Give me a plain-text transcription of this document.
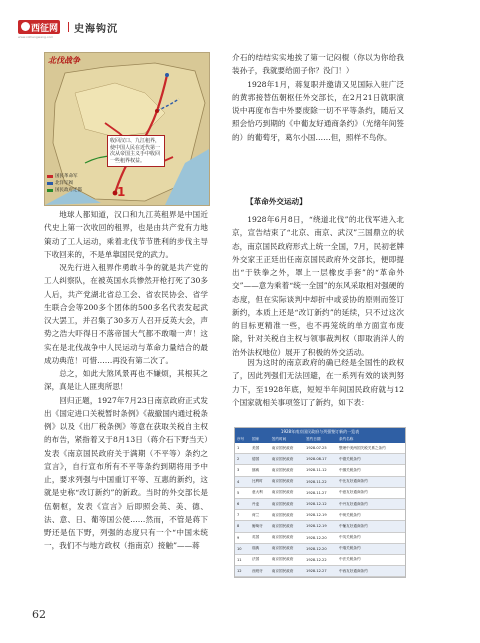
西征网
www.xizhengwang.com
史海钩沉
北伐战争
收回汉口、九江租界，使中国人民在近代第一次从帝国主义手中收回一些租界权益。
国民革命军
北洋军阀
国民政府迁都	1

地球人都知道，汉口和九江英租界是中国近代史上第一次收回的租界，也是由共产党有力地策动了工人运动，乘着北伐节节胜利的步伐主导下收回来的，不是单靠国民党的武力。

况先行进入租界作勇敢斗争的就是共产党的工人纠察队，在被英国水兵惨然开枪打死了30多人后，共产党湖北省总工会、省农民协会、省学生联合会等200多个团体的500多名代表发起武汉大罢工，并召集了30多万人召开反英大会，声势之浩大吓得日不落帝国大气都不敢喘一声！这实在是北伐战争中人民运动与革命力量结合的最成功典范！可惜……再没有第二次了。

总之，如此大煞风景再也不嫌烦，其根其之深，真是让人匪夷所思！

回归正题，1927年7月23日南京政府正式发出《国定进口关税暂时条例》《裁撤国内通过税条例》以及《出厂税条例》等意在获取关税自主权的布告，紧指着又于8月13日（蒋介石下野当天）发表《南京国民政府关于满期（不平等）条约之宣言》，自行宣布所有不平等条约到期将用予中止，要求列强与中国重订平等、互惠的新约，这就是史称“改订新约”的新政。当时的外交部长是伍朝枢，发表《宣言》后即照会英、美、德、法、意、日、葡等国公使……然而，不管是蒋下野还是伍下野，列强的态度只有一个“中国未统一，我们不与地方政权（指南京）接触”——蒋

介石的结结实实地挨了第一记闷棍（你以为你给我装孙子，我就要给面子你？没门！）

1928年1月，蒋复职并邀请又见国际入驻广泛的黄郛接替伍朝枢任外交部长，在2月21日就职演说中再度布告中外要废除一切不平等条约，随后又照会恰巧到期的《中葡友好通商条约》（光绪年间签的）的葡萄牙，葛尔小国……但，照样不鸟你。

【革命外交运动】

1928年6月8日，“绕道北伐”的北伐军进入北京，宣告结束了“北京、南京、武汉”三国鼎立的状态，南京国民政府形式上统一全国，7月，民初老牌外交家王正廷出任南京国民政府外交部长，便即提出“于铁拳之外，罩上一层橡皮手套”的“革命外交”——意为乘着“统一全国”的东风采取相对强硬的态度，但在实际谈判中却折中或妥协的原则而签订新约，本质上还是“改订新约”的延续，只不过这次的目标更精准一些，也不再笼统的单方面宣布废除，针对关税自主权与领事裁判权（即取消洋人的治外法权地位）展开了积极的外交活动。

因为这时的南京政府的确已经是全国性的政权了，因此列强们无法回避，在一系列有效的谈判努力下，至1928年底，短短半年间国民政府就与12个国家就相关事项签订了新约，如下表：

1928年南京国民政府与列强签订新约一览表
序号	国家	签约时间	签约日期	条约名称
1	美国	南京国民政府	1928.07.25	整理中美两国关税关系之条约
2	德国	南京国民政府	1928.08.17	中德关税条约
3	挪威	南京国民政府	1928.11.12	中挪关税条约
4	比利时	南京国民政府	1928.11.22	中比友好通商条约
5	意大利	南京国民政府	1928.11.27	中意友好通商条约
6	丹麦	南京国民政府	1928.12.12	中丹友好通商条约
7	荷兰	南京国民政府	1928.12.19	中荷关税条约
8	葡萄牙	南京国民政府	1928.12.19	中葡友好通商条约
9	英国	南京国民政府	1928.12.20	中英关税条约
10	瑞典	南京国民政府	1928.12.20	中瑞关税条约
11	法国	南京国民政府	1928.12.22	中法关税条约
12	西班牙	南京国民政府	1928.12.27	中西友好通商条约
62
